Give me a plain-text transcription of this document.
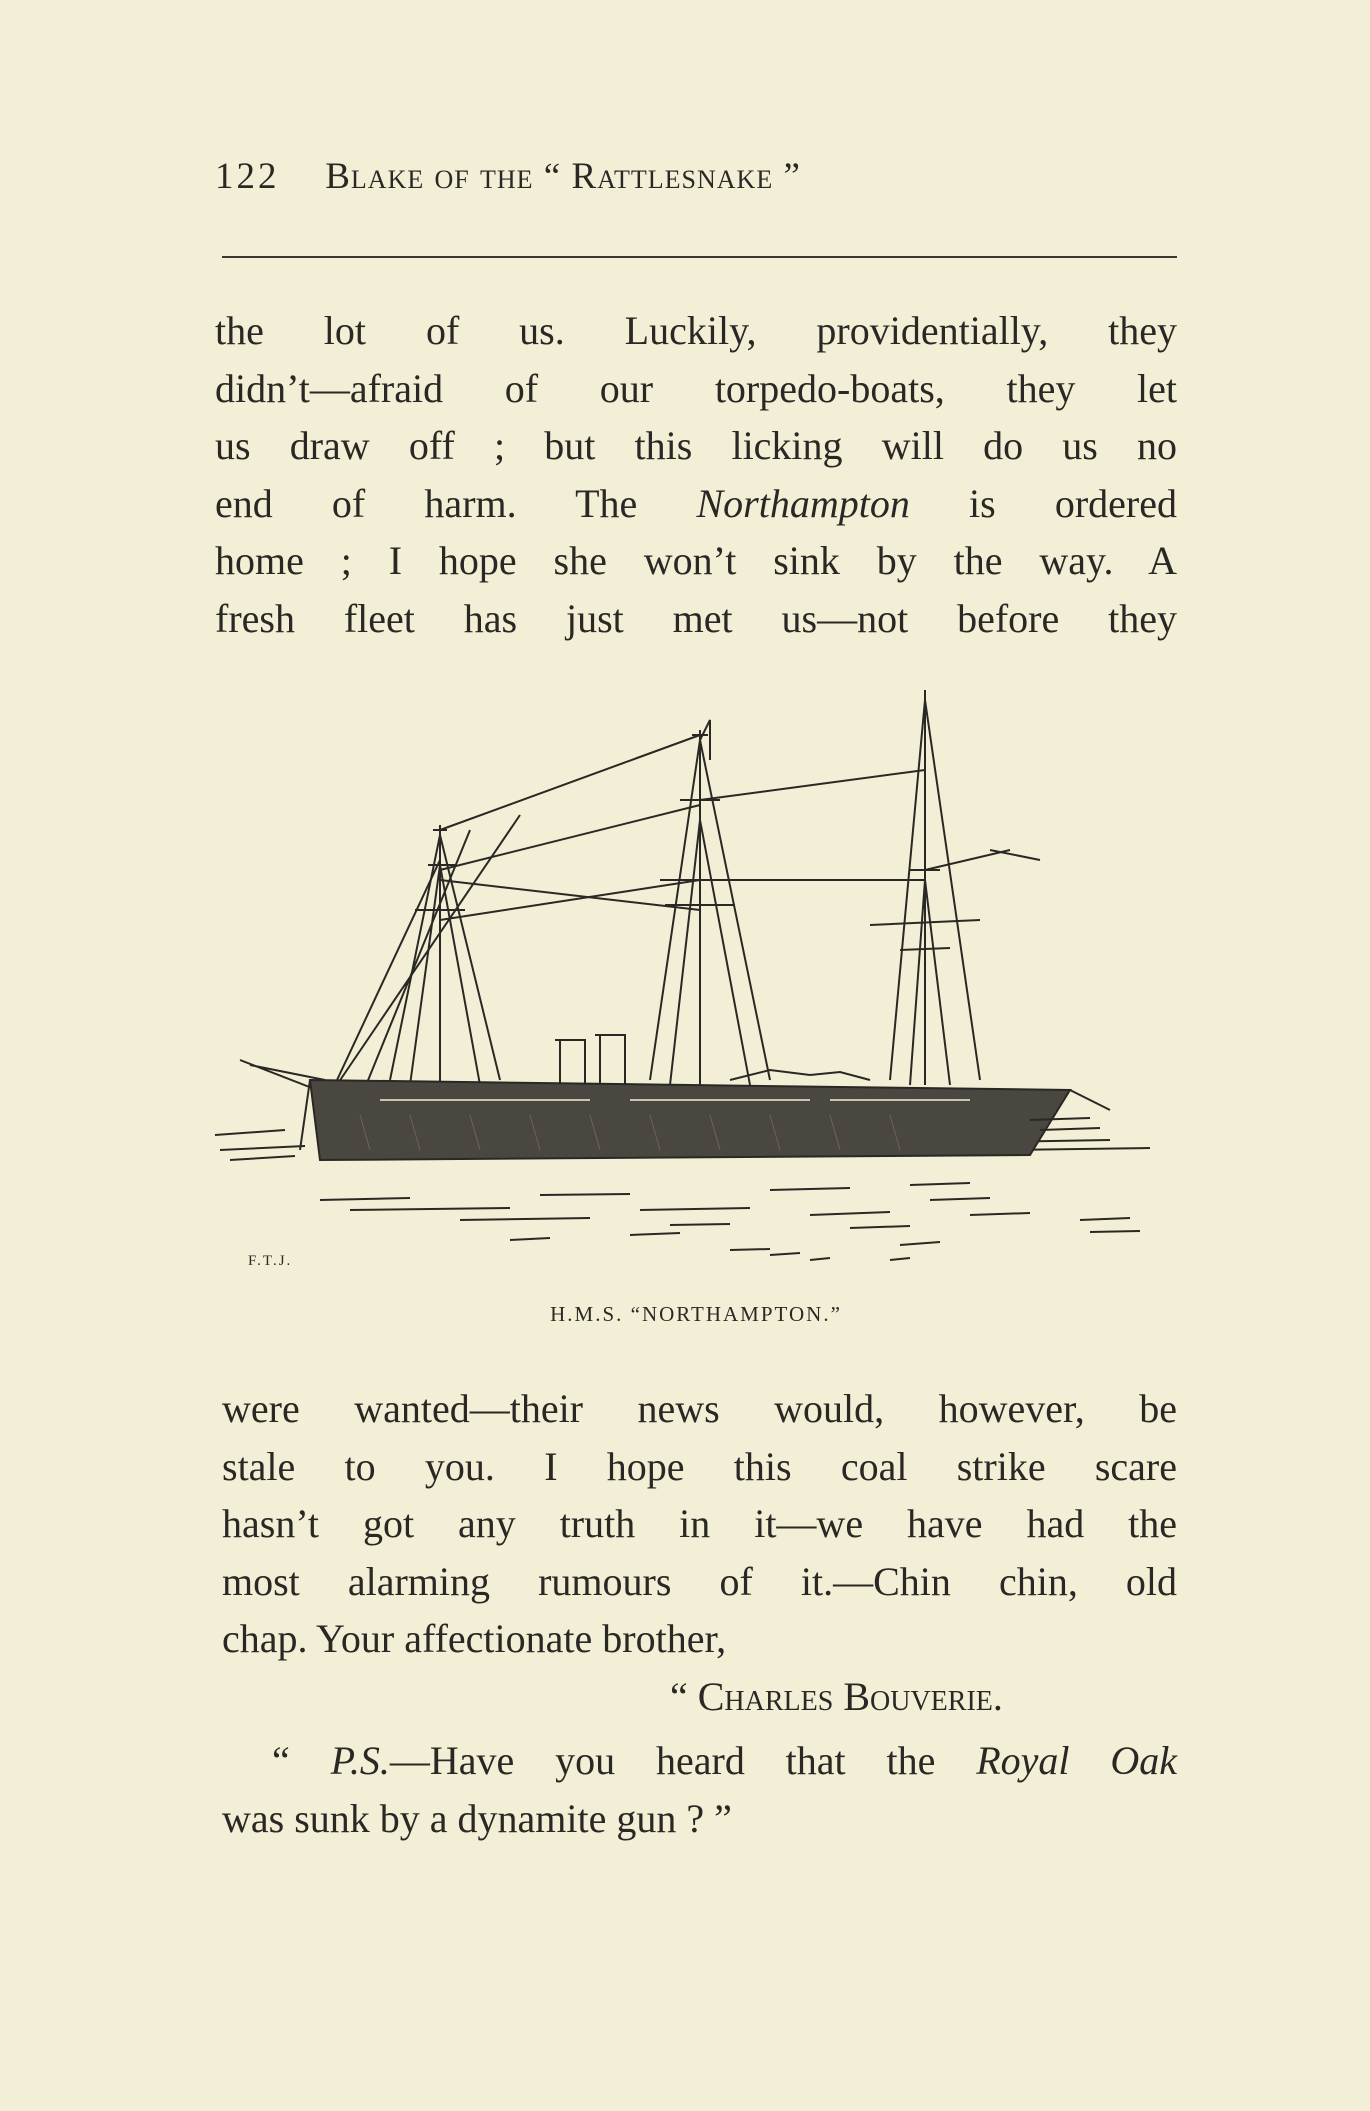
122 Blake of the “ Rattlesnake ”
the lot of us. Luckily, providentially, they
didn’t—afraid of our torpedo-boats, they let
us draw off ; but this licking will do us no
end of harm. The Northampton is ordered
home ; I hope she won’t sink by the way. A
fresh fleet has just met us—not before they
F.T.J.
H.M.S. “NORTHAMPTON.”
were wanted—their news would, however, be
stale to you. I hope this coal strike scare
hasn’t got any truth in it—we have had the
most alarming rumours of it.—Chin chin, old
chap. Your affectionate brother,
“ Charles Bouverie.
“ P.S.—Have you heard that the Royal Oak
was sunk by a dynamite gun ? ”
